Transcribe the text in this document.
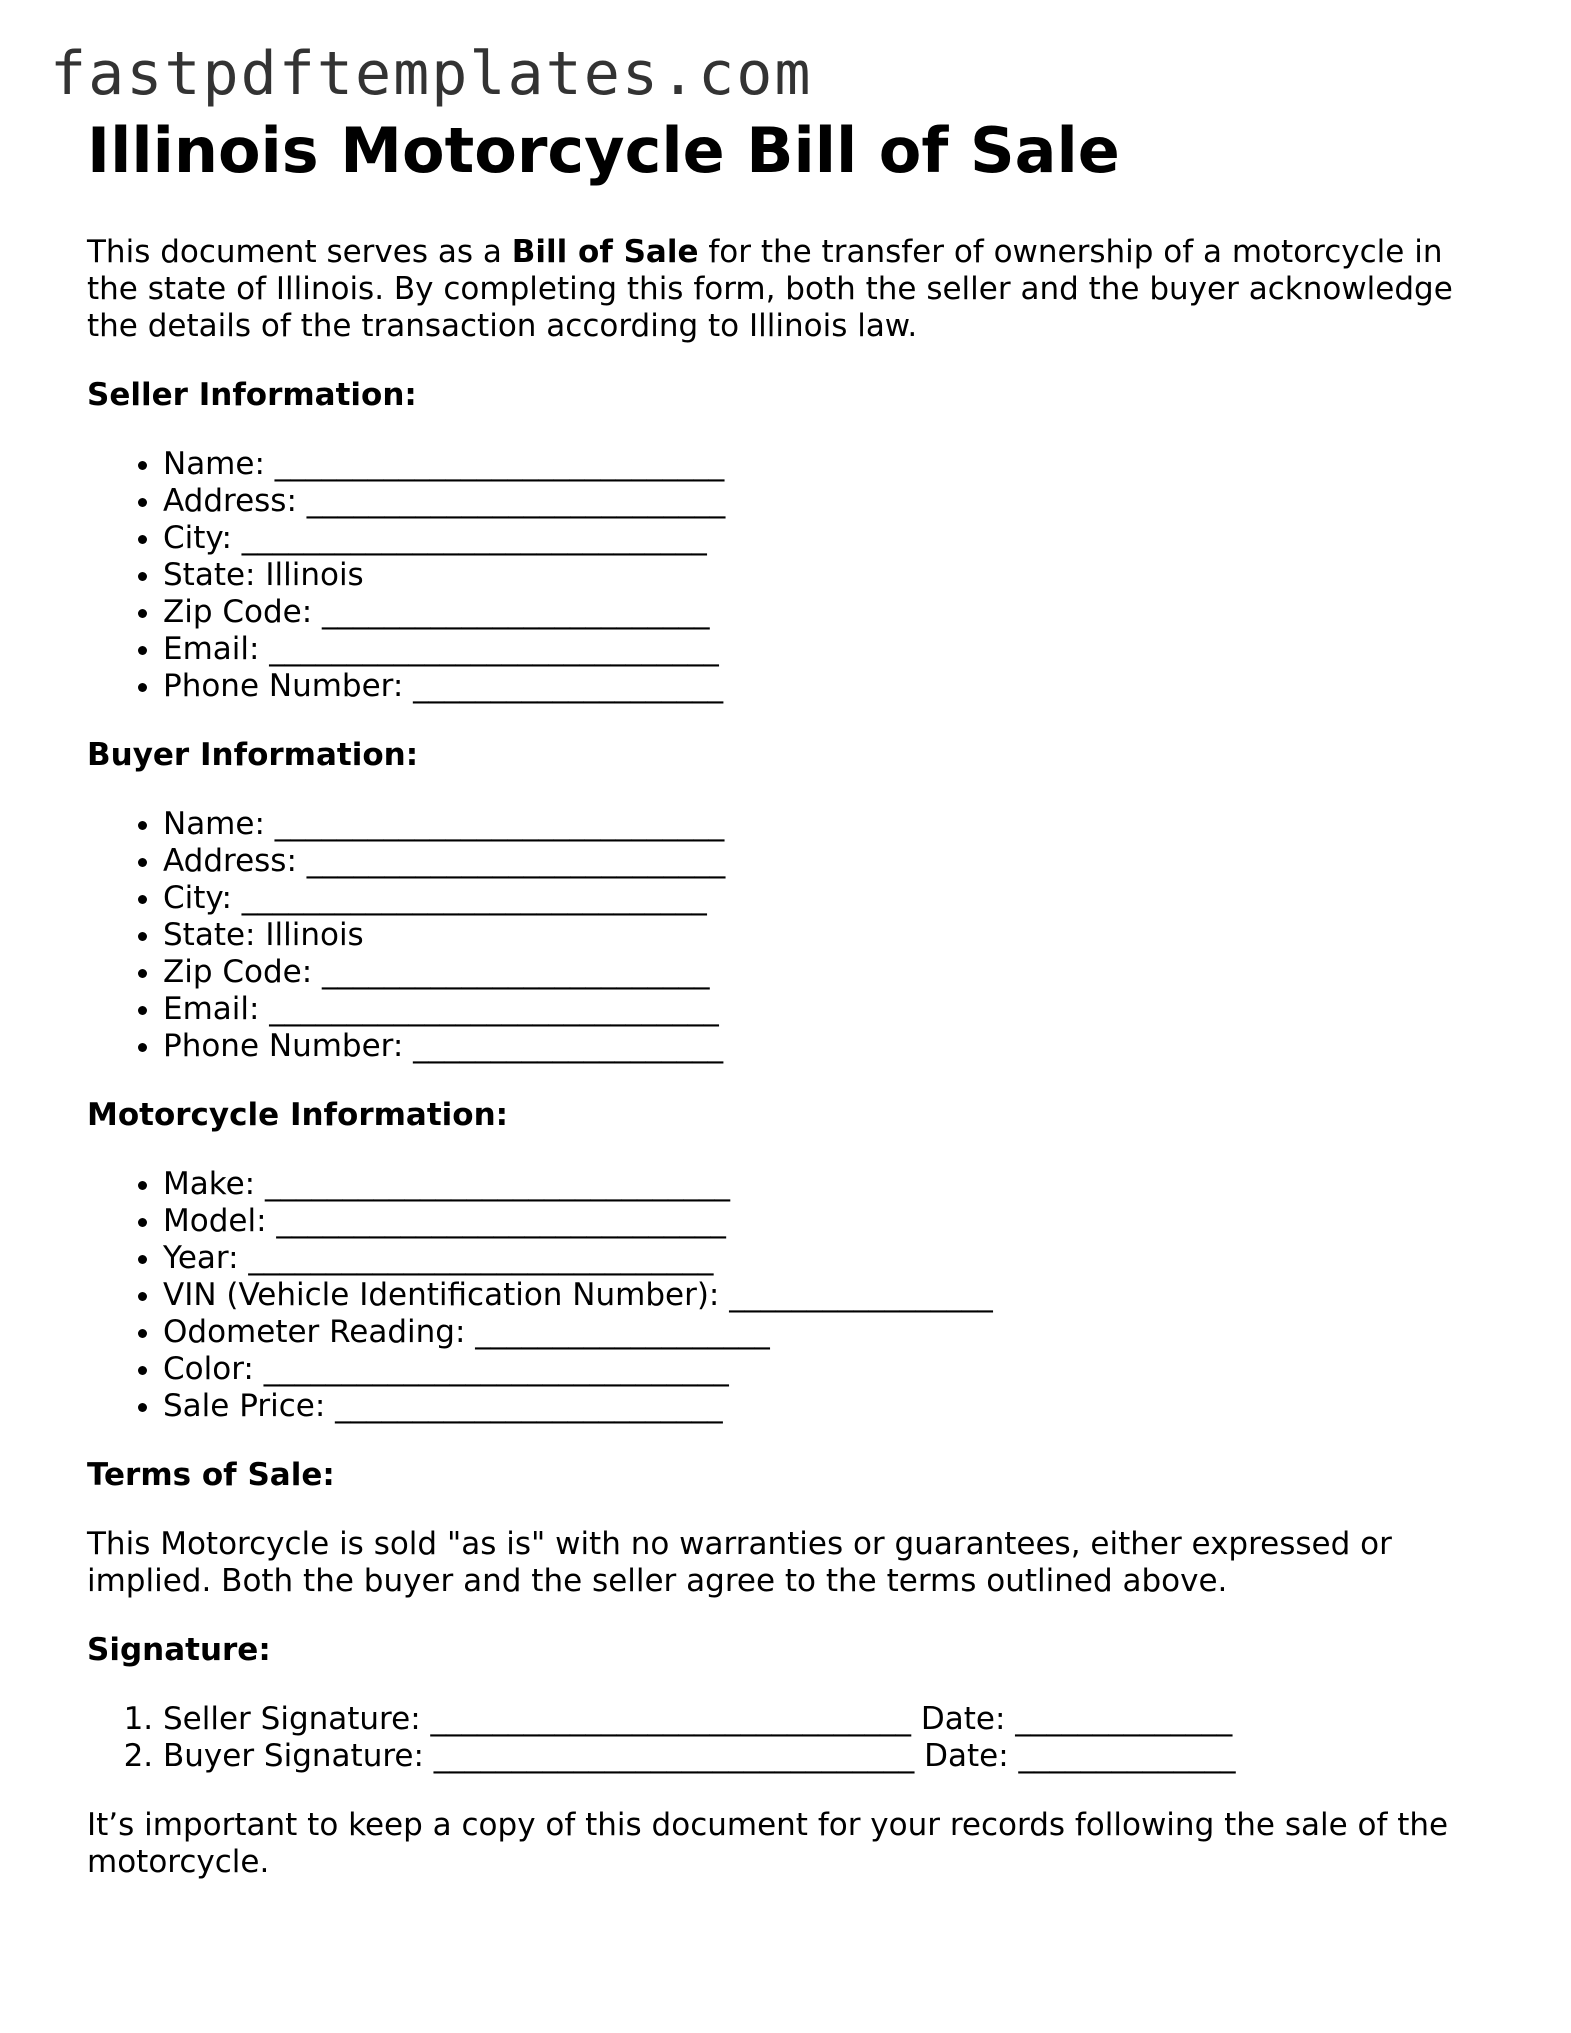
fastpdftemplates.com
Illinois Motorcycle Bill of Sale

This document serves as a Bill of Sale for the transfer of ownership of a motorcycle in the state of Illinois. By completing this form, both the seller and the buyer acknowledge the details of the transaction according to Illinois law.

Seller Information:
• Name: _____________________________
• Address: ___________________________
• City: ______________________________
• State: Illinois
• Zip Code: _________________________
• Email: _____________________________
• Phone Number: ____________________
Buyer Information:
• Name: _____________________________
• Address: ___________________________
• City: ______________________________
• State: Illinois
• Zip Code: _________________________
• Email: _____________________________
• Phone Number: ____________________
Motorcycle Information:
• Make: ______________________________
• Model: _____________________________
• Year: ______________________________
• VIN (Vehicle Identification Number): _________________
• Odometer Reading: ___________________
• Color: ______________________________
• Sale Price: _________________________
Terms of Sale:

This Motorcycle is sold "as is" with no warranties or guarantees, either expressed or implied. Both the buyer and the seller agree to the terms outlined above.

Signature:
1. Seller Signature: _______________________________ Date: ______________
2. Buyer Signature: _______________________________ Date: ______________

It’s important to keep a copy of this document for your records following the sale of the motorcycle.
